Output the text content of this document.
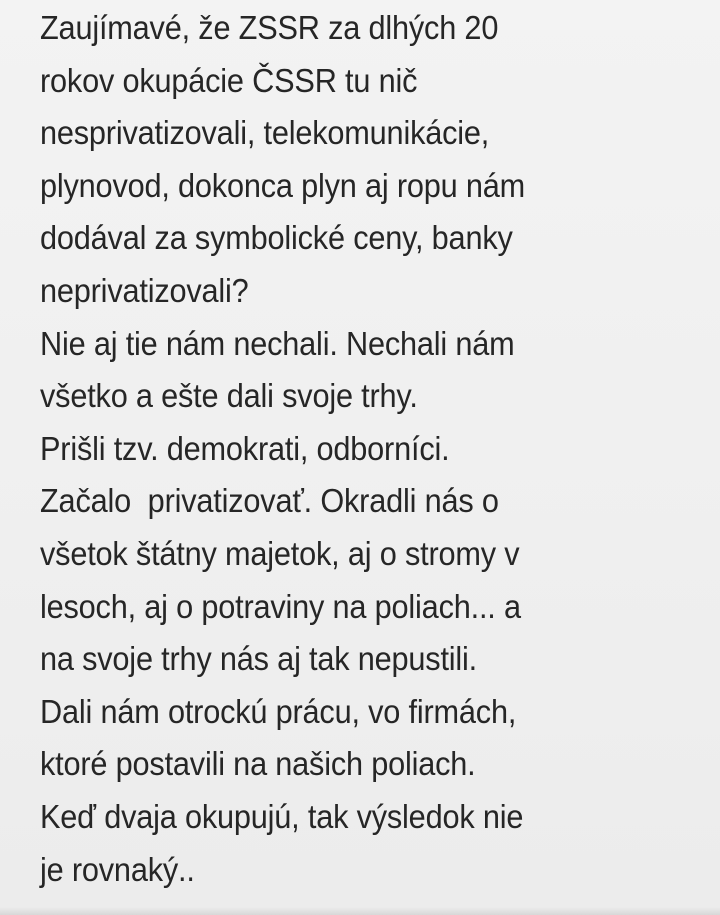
Zaujímavé, že ZSSR za dlhých 20
rokov okupácie ČSSR tu nič
nesprivatizovali, telekomunikácie,
plynovod, dokonca plyn aj ropu nám
dodával za symbolické ceny, banky
neprivatizovali?
Nie aj tie nám nechali. Nechali nám
všetko a ešte dali svoje trhy.
Prišli tzv. demokrati, odborníci.
Začalo  privatizovať. Okradli nás o
všetok štátny majetok, aj o stromy v
lesoch, aj o potraviny na poliach... a
na svoje trhy nás aj tak nepustili.
Dali nám otrockú prácu, vo firmách,
ktoré postavili na našich poliach.
Keď dvaja okupujú, tak výsledok nie
je rovnaký..
